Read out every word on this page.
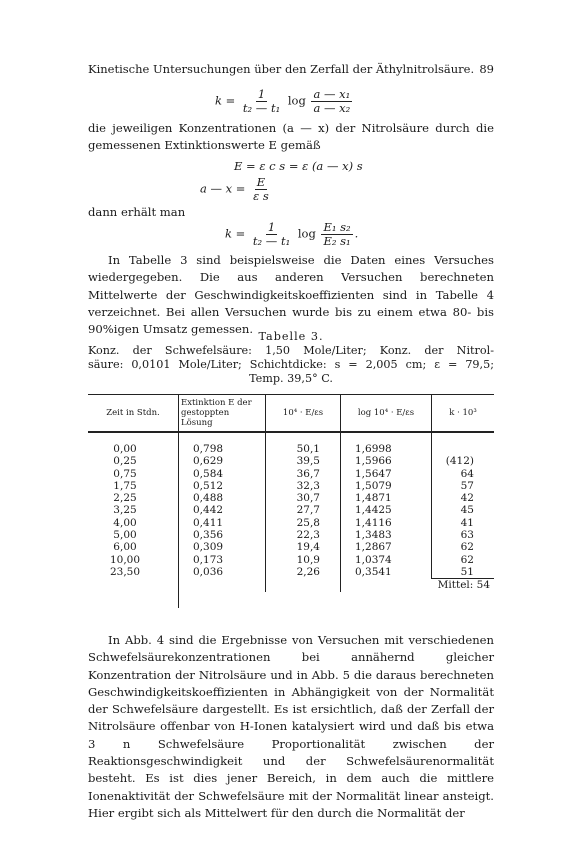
Kinetische Untersuchungen über den Zerfall der Äthylnitrolsäure. 89
$k = \frac{1}{\text{t₂ — t₁}}$ $\log \frac{\text{a — x₁}}{\text{a — x₂}}$
die jeweiligen Konzentrationen (a — x) der Nitrolsäure durch die gemessenen Extinktionswerte E gemäß
E = ε c s = ε (a — x) s
a — $x = \frac{E}{\text{ε s}}$
dann erhält man
$k = \frac{1}{\text{t₂ — t₁}}$ $\log \frac{\text{E₁ s₂}}{\text{E₂ s₁}}$ .
In Tabelle 3 sind beispielsweise die Daten eines Versuches wiedergegeben. Die aus anderen Versuchen berechneten Mittelwerte der Geschwindigkeitskoeffizienten sind in Tabelle 4 verzeichnet. Bei allen Versuchen wurde bis zu einem etwa 80- bis 90%igen Umsatz gemessen.
Tabelle 3.
Konz. der Schwefelsäure: 1,50 Mole/Liter; Konz. der Nitrol-
säure: 0,0101 Mole/Liter; Schichtdicke: s = 2,005 cm; ε = 79,5;
Temp. 39,5° C.
Zeit in Stdn.	Extinktion E der gestoppten Lösung	10⁴ · E/εs	log 10⁴ · E/εs	k · 10³

0,00	0,798	50,1	1,6998	
0,25	0,629	39,5	1,5966	(412)
0,75	0,584	36,7	1,5647	64
1,75	0,512	32,3	1,5079	57
2,25	0,488	30,7	1,4871	42
3,25	0,442	27,7	1,4425	45
4,00	0,411	25,8	1,4116	41
5,00	0,356	22,3	1,3483	63
6,00	0,309	19,4	1,2867	62
10,00	0,173	10,9	1,0374	62
23,50	0,036	2,26	0,3541	51
				Mittel: 54

In Abb. 4 sind die Ergebnisse von Versuchen mit verschiedenen Schwefelsäurekonzentrationen bei annähernd gleicher Konzentration der Nitrolsäure und in Abb. 5 die daraus berechneten Geschwindigkeitskoeffizienten in Abhängigkeit von der Normalität der Schwefelsäure dargestellt. Es ist ersichtlich, daß der Zerfall der Nitrolsäure offenbar von H-Ionen katalysiert wird und daß bis etwa 3 n Schwefelsäure Proportionalität zwischen der Reaktionsgeschwindigkeit und der Schwefelsäurenormalität besteht. Es ist dies jener Bereich, in dem auch die mittlere Ionenaktivität der Schwefelsäure mit der Normalität linear ansteigt. Hier ergibt sich als Mittelwert für den durch die Normalität der
